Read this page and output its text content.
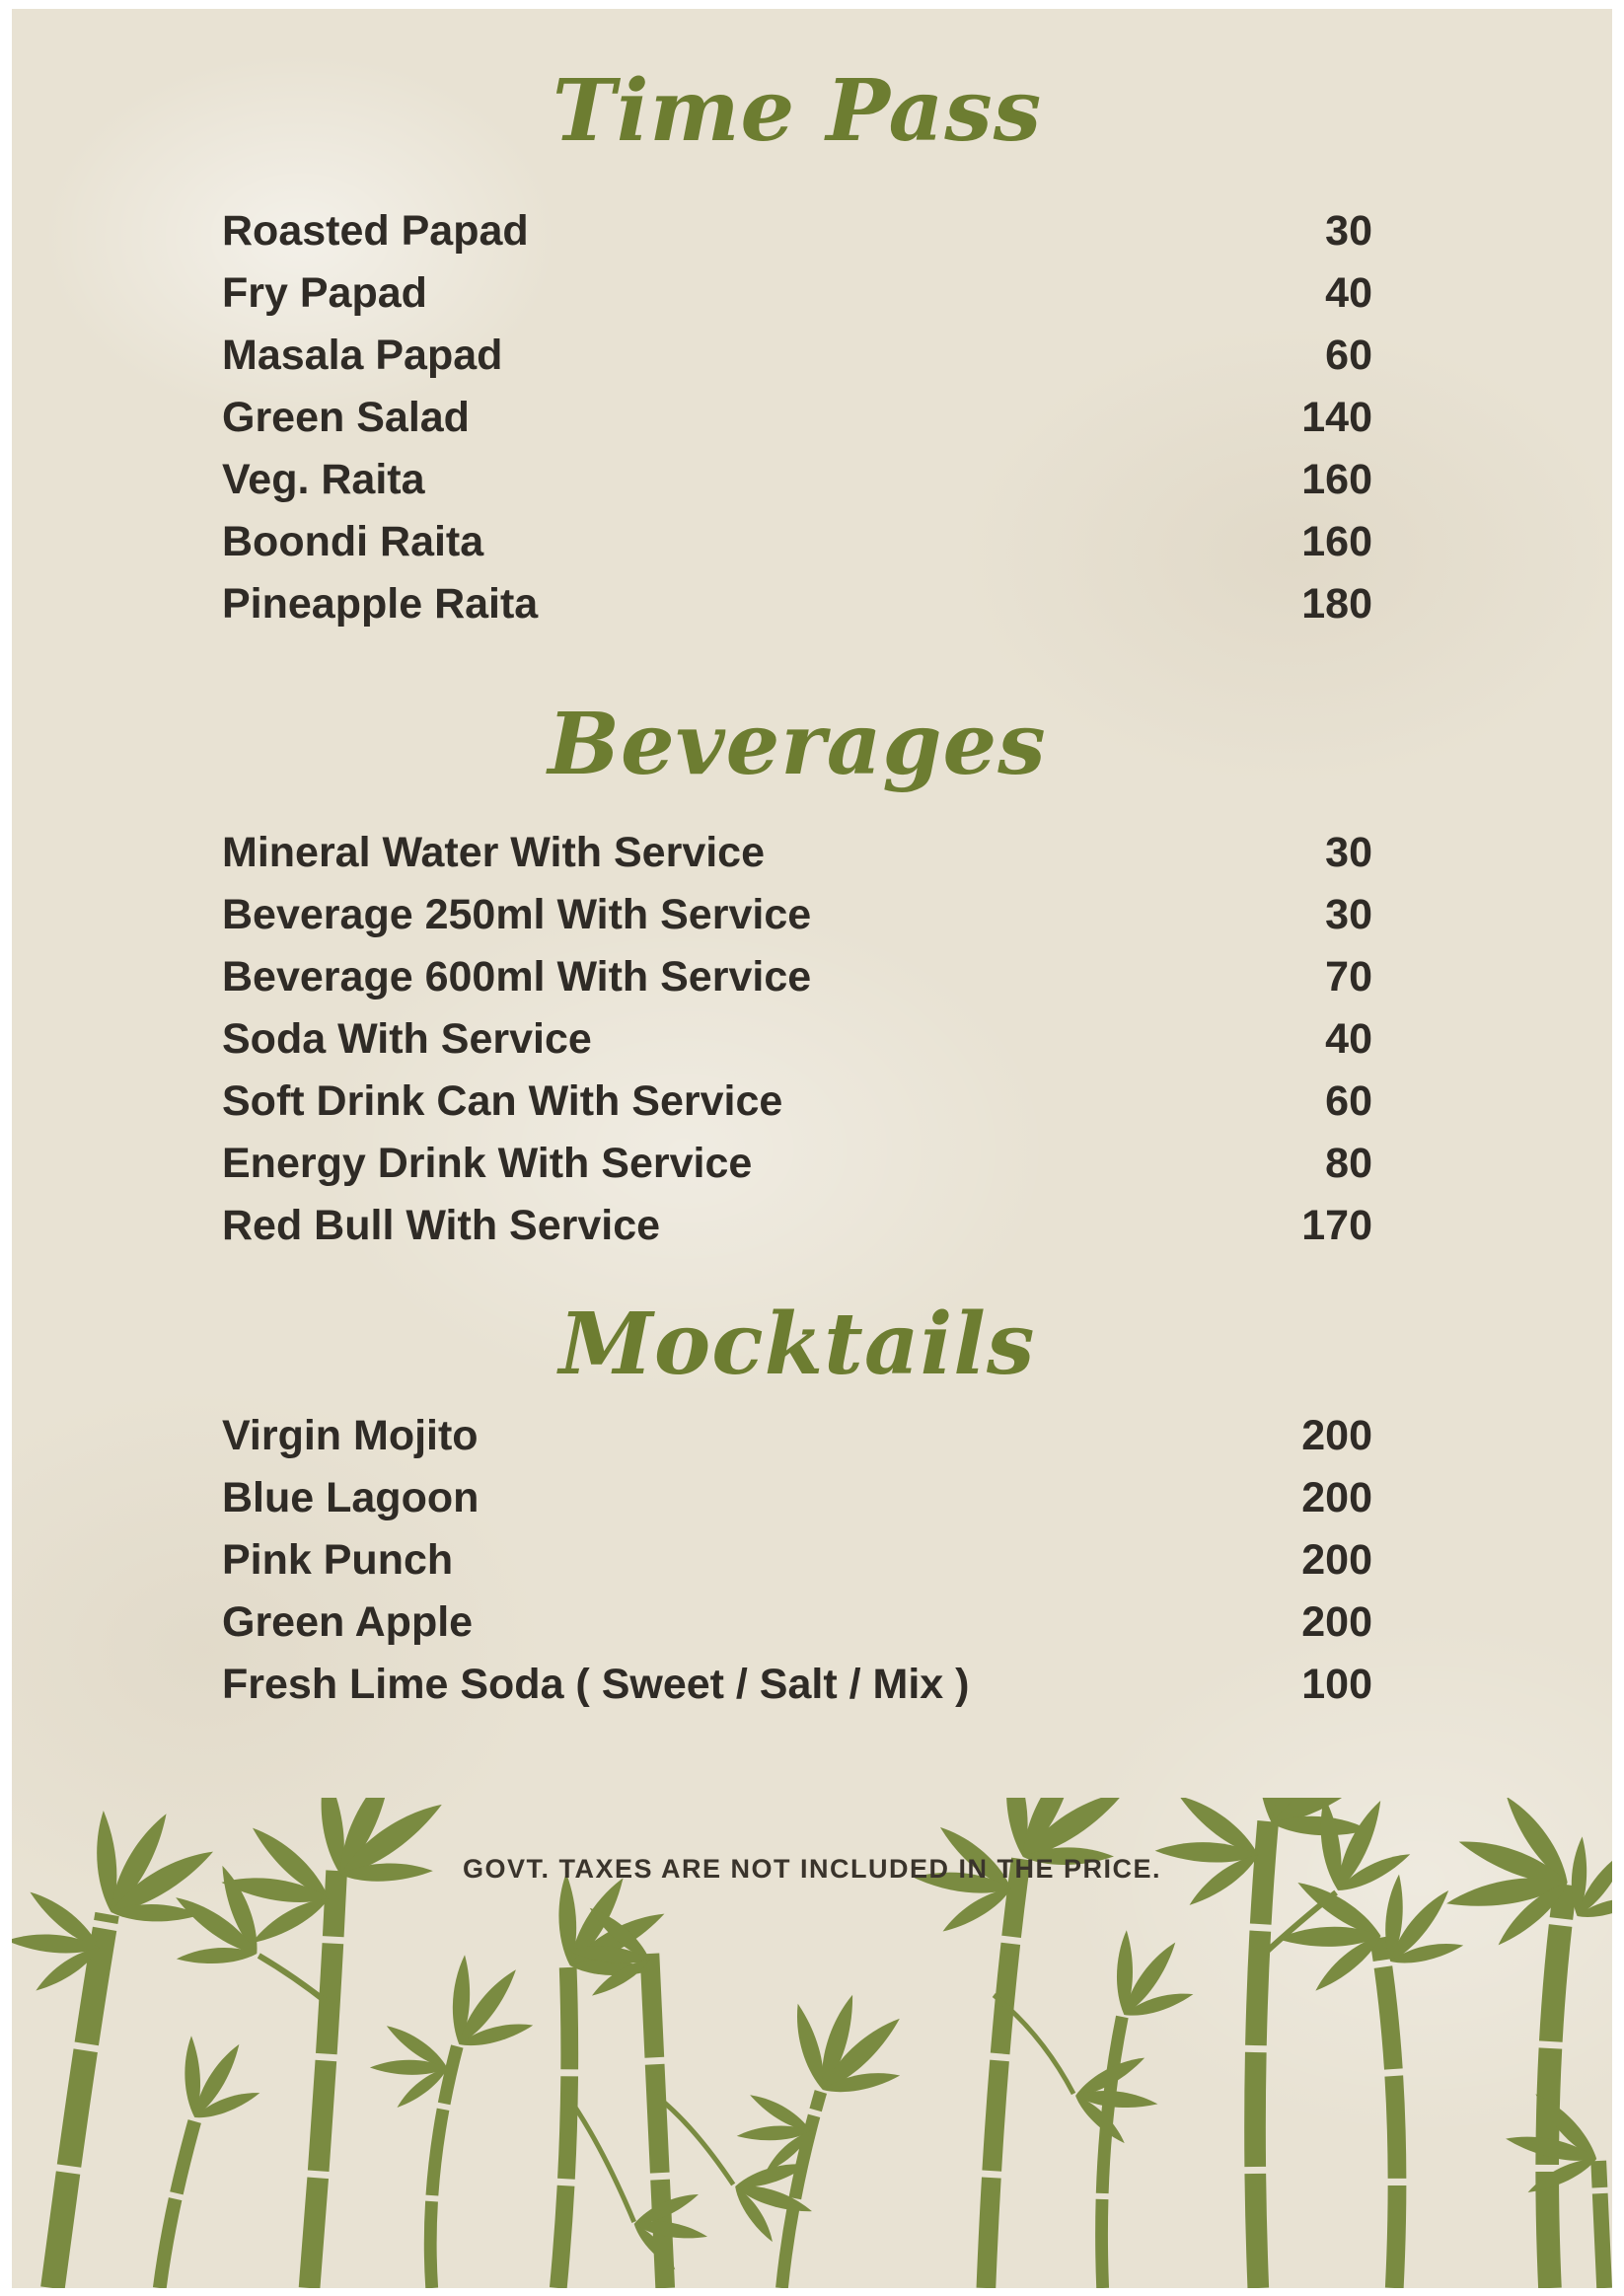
Time Pass
Roasted Papad	30
Fry Papad	40
Masala Papad	60
Green Salad	140
Veg. Raita	160
Boondi Raita	160
Pineapple Raita	180
Beverages
Mineral Water With Service	30
Beverage 250ml With Service	30
Beverage 600ml With Service	70
Soda With Service	40
Soft Drink Can With Service	60
Energy Drink With Service	80
Red Bull With Service	170
Mocktails
Virgin Mojito	200
Blue Lagoon	200
Pink Punch	200
Green Apple	200
Fresh Lime Soda ( Sweet / Salt / Mix )	100
GOVT. TAXES ARE NOT INCLUDED IN THE PRICE.
